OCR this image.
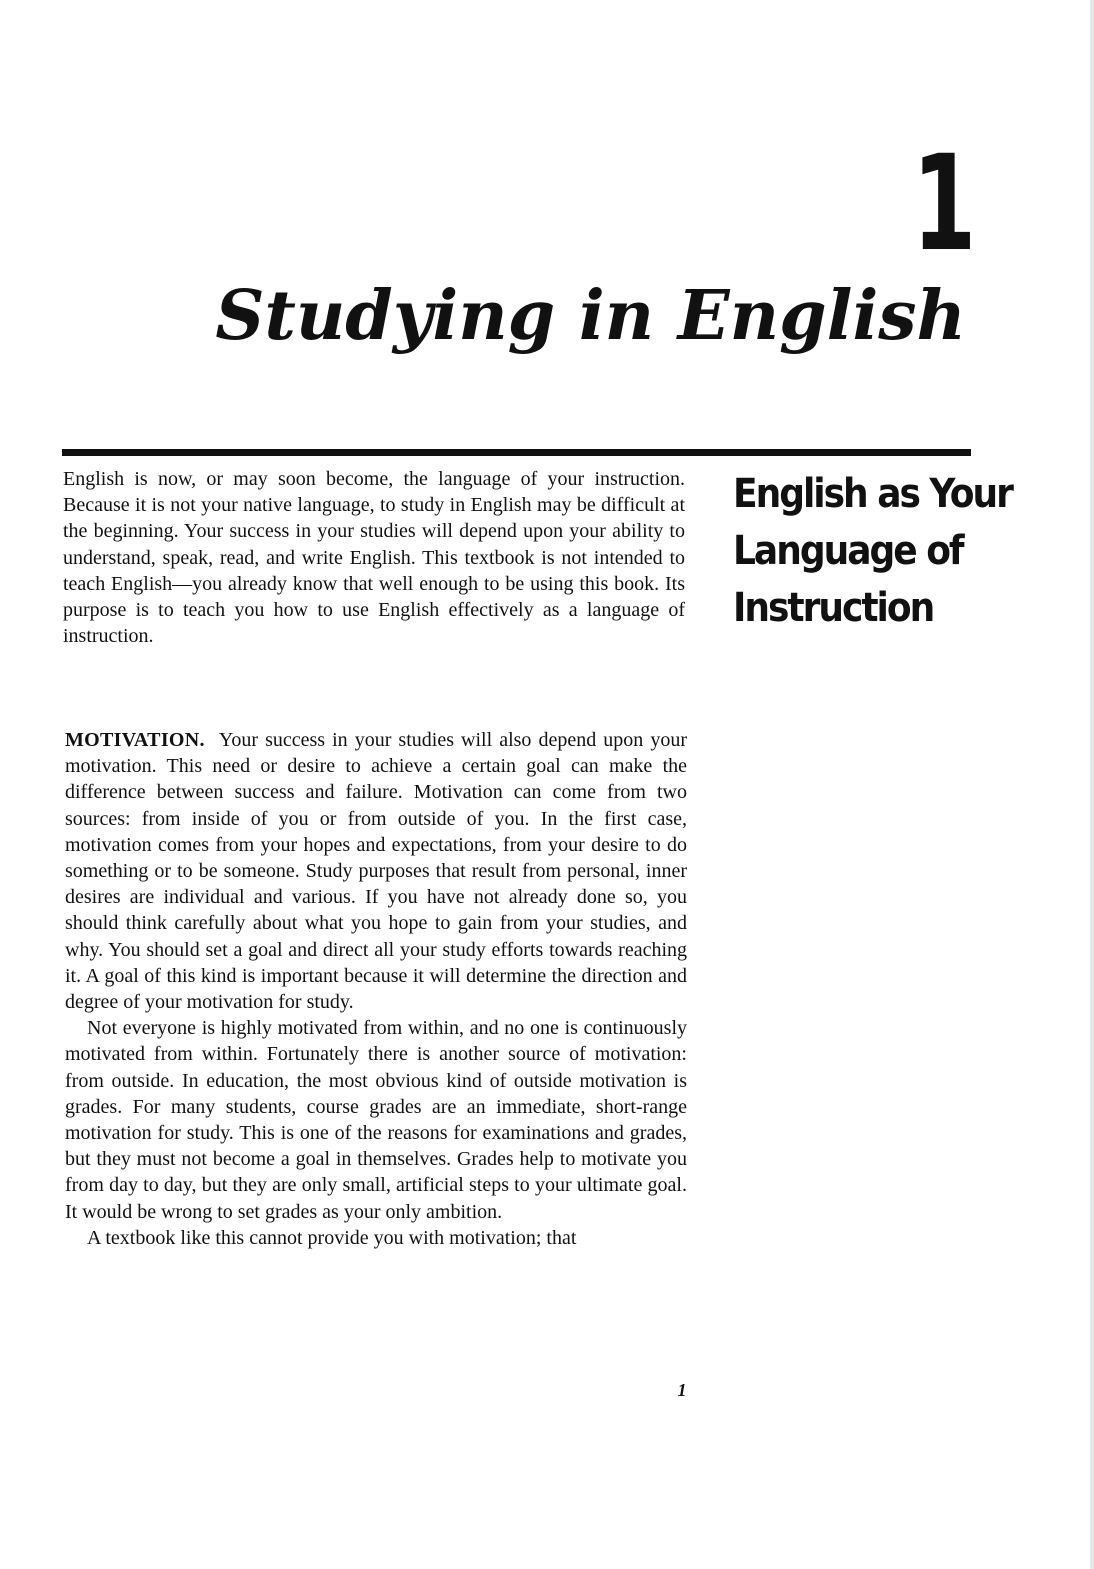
1
Studying in English
English is now, or may soon become, the language of your instruction. Because it is not your native language, to study in English may be difficult at the beginning. Your success in your studies will depend upon your ability to understand, speak, read, and write English. This textbook is not intended to teach English—you already know that well enough to be using this book. Its purpose is to teach you how to use English effectively as a language of instruction.
English as Your
Language of
Instruction

MOTIVATION. Your success in your studies will also depend upon your motivation. This need or desire to achieve a certain goal can make the difference between success and failure. Motivation can come from two sources: from inside of you or from outside of you. In the first case, motivation comes from your hopes and expectations, from your desire to do something or to be someone. Study purposes that result from personal, inner desires are individual and various. If you have not already done so, you should think carefully about what you hope to gain from your studies, and why. You should set a goal and direct all your study efforts towards reaching it. A goal of this kind is important because it will determine the direction and degree of your motivation for study.

Not everyone is highly motivated from within, and no one is continuously motivated from within. Fortunately there is another source of motivation: from outside. In education, the most obvious kind of outside motivation is grades. For many students, course grades are an immediate, short-range motivation for study. This is one of the reasons for examinations and grades, but they must not become a goal in themselves. Grades help to motivate you from day to day, but they are only small, artificial steps to your ultimate goal. It would be wrong to set grades as your only ambition.

A textbook like this cannot provide you with motivation; that

1
